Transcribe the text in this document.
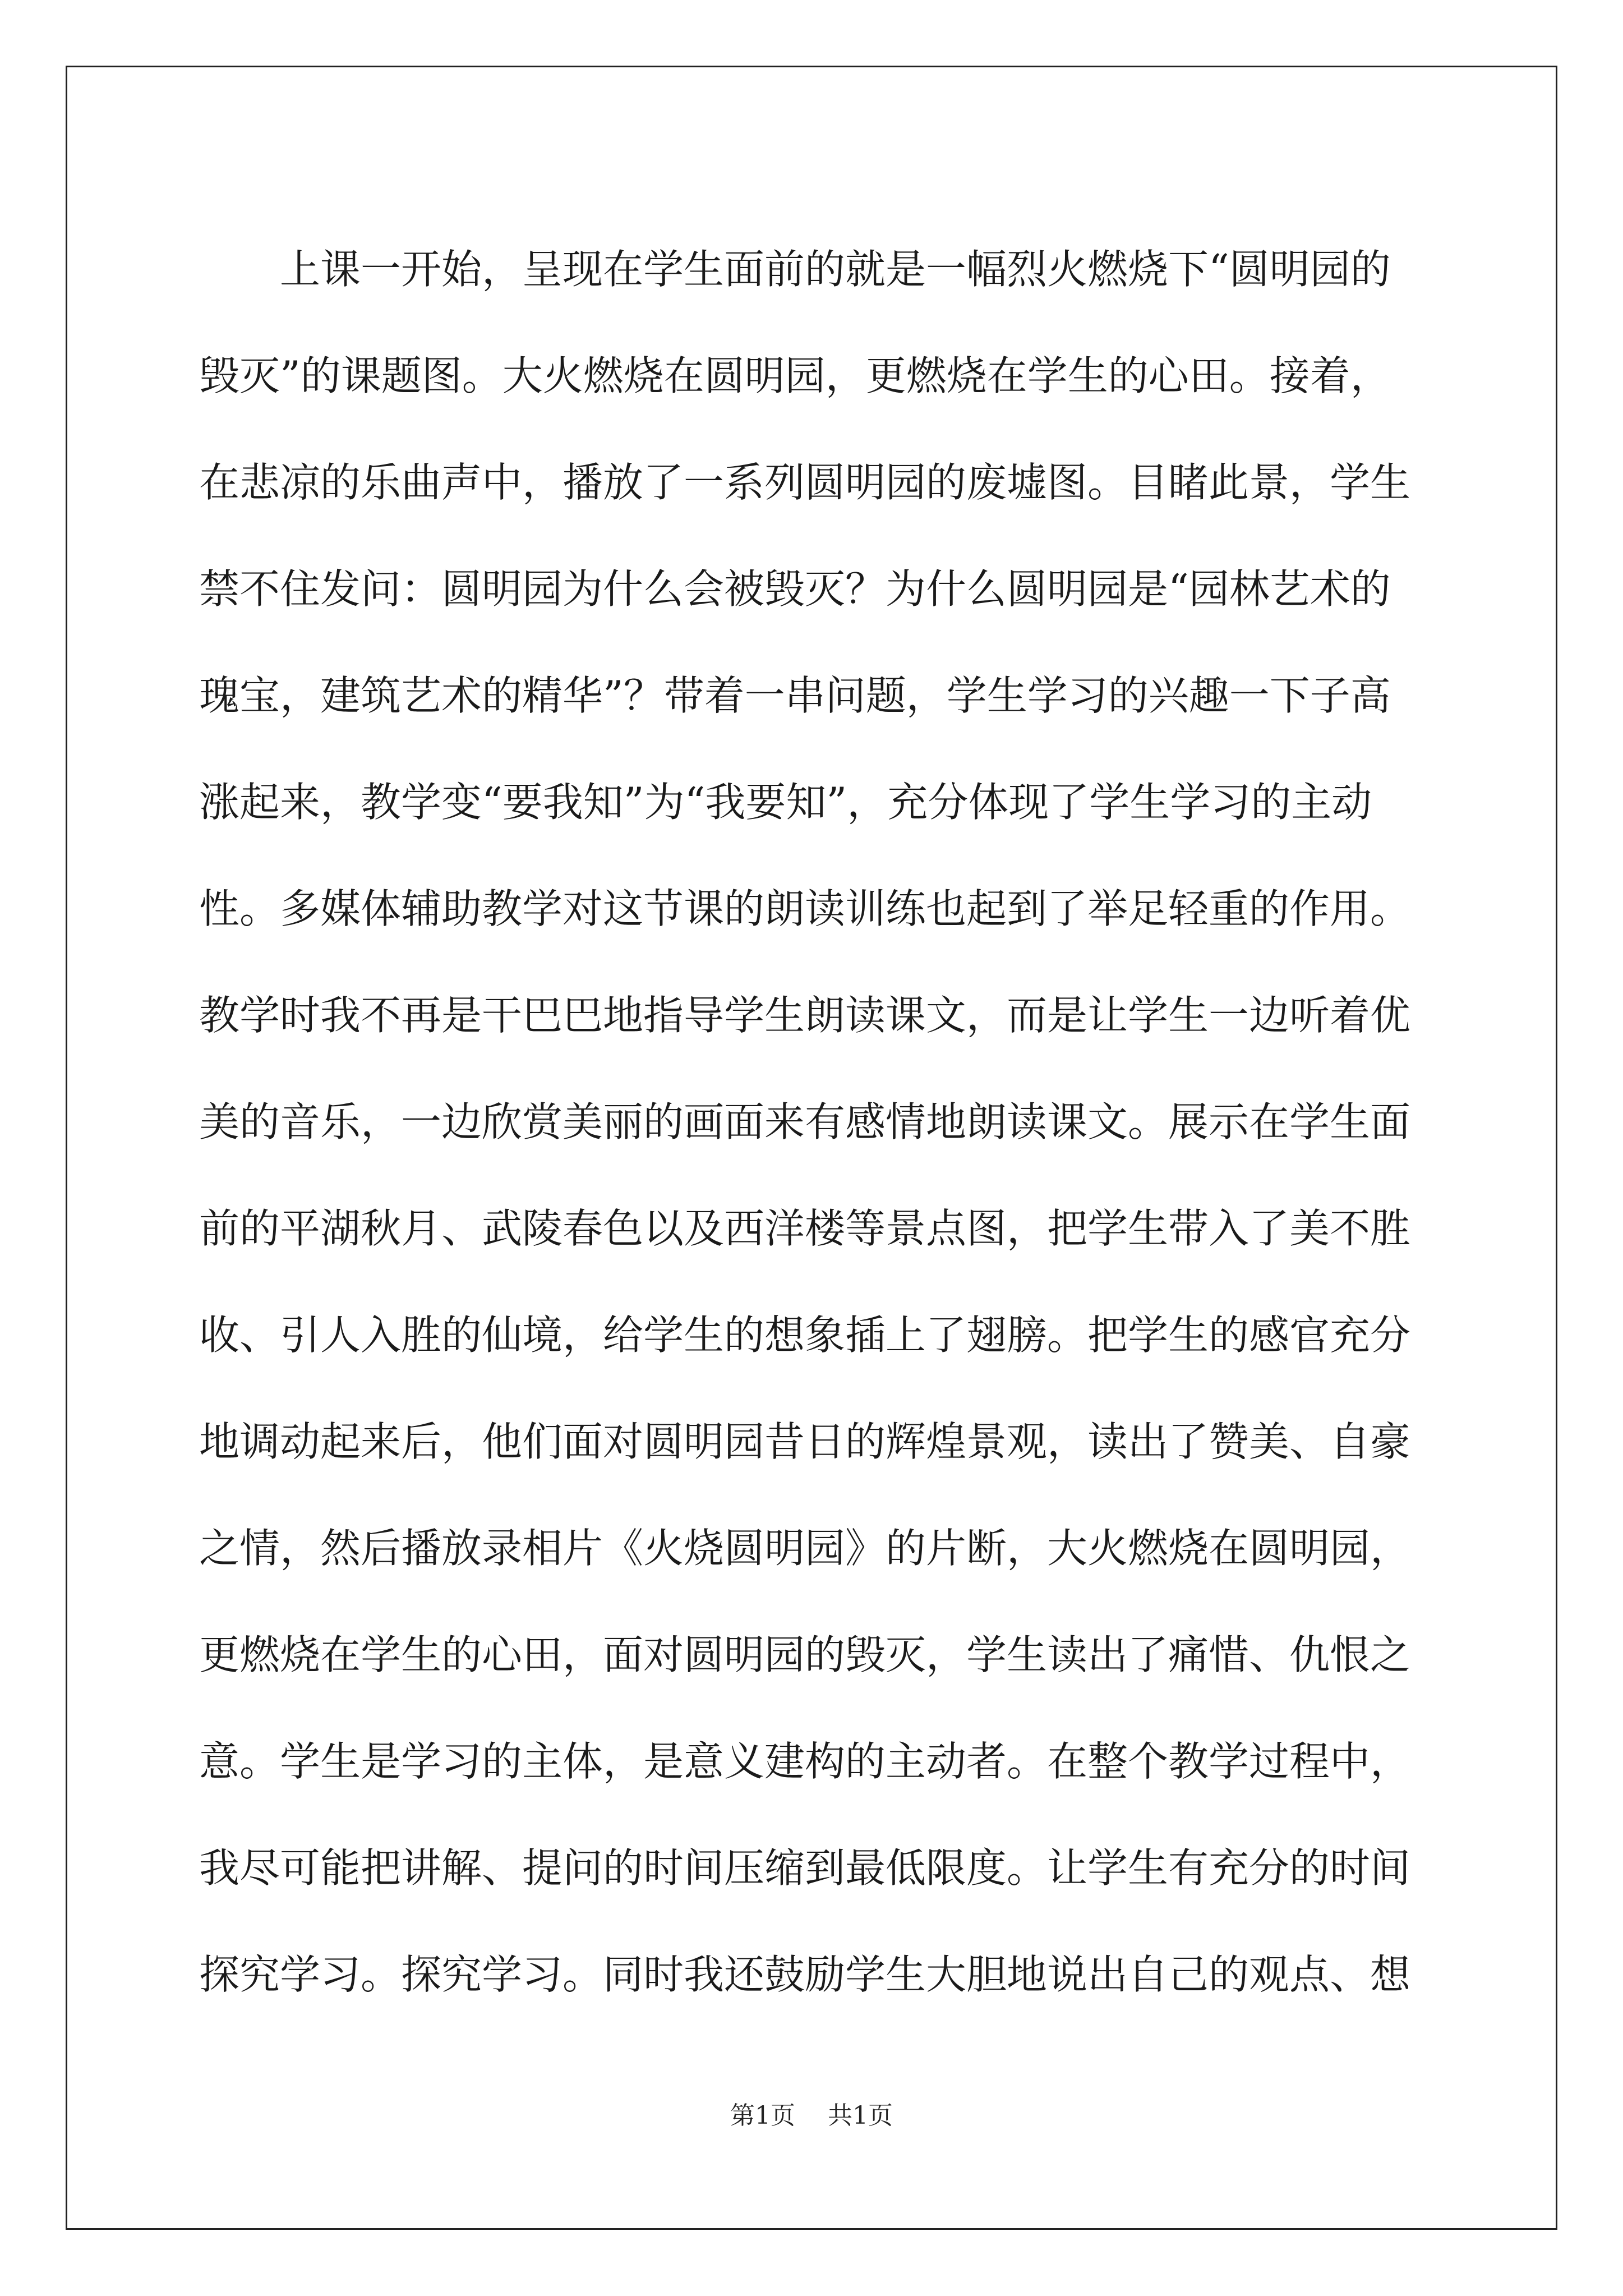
上课一开始，呈现在学生面前的就是一幅烈火燃烧下“圆明园的
毁灭”的课题图。大火燃烧在圆明园，更燃烧在学生的心田。接着，
在悲凉的乐曲声中，播放了一系列圆明园的废墟图。目睹此景，学生
禁不住发问：圆明园为什么会被毁灭？为什么圆明园是“园林艺术的
瑰宝，建筑艺术的精华”？带着一串问题，学生学习的兴趣一下子高
涨起来，教学变“要我知”为“我要知”，充分体现了学生学习的主动
性。多媒体辅助教学对这节课的朗读训练也起到了举足轻重的作用。
教学时我不再是干巴巴地指导学生朗读课文，而是让学生一边听着优
美的音乐，一边欣赏美丽的画面来有感情地朗读课文。展示在学生面
前的平湖秋月、武陵春色以及西洋楼等景点图，把学生带入了美不胜
收、引人入胜的仙境，给学生的想象插上了翅膀。把学生的感官充分
地调动起来后，他们面对圆明园昔日的辉煌景观，读出了赞美、自豪
之情，然后播放录相片《火烧圆明园》的片断，大火燃烧在圆明园，
更燃烧在学生的心田，面对圆明园的毁灭，学生读出了痛惜、仇恨之
意。学生是学习的主体，是意义建构的主动者。在整个教学过程中，
我尽可能把讲解、提问的时间压缩到最低限度。让学生有充分的时间
探究学习。探究学习。同时我还鼓励学生大胆地说出自己的观点、想
第1页 共1页
